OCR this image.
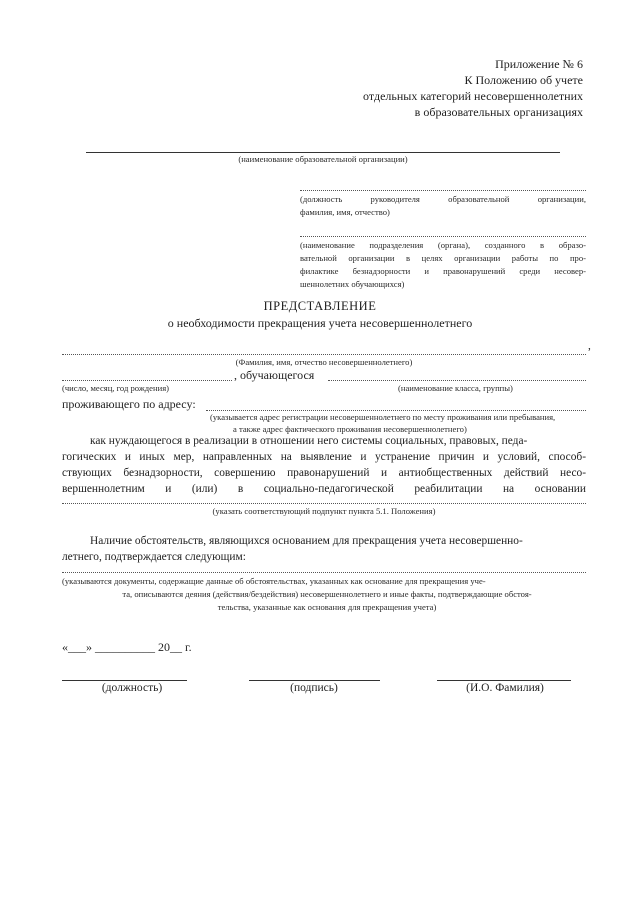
Приложение № 6
К Положению об учете
отдельных категорий несовершеннолетних
в образовательных организациях
(наименование образовательной организации)
(должность руководителя образовательной организации,
фамилия, имя, отчество)
(наименование подразделения (органа), созданного в образо-
вательной организации в целях организации работы по про-
филактике безнадзорности и правонарушений среди несовер-
шеннолетних обучающихся)
ПРЕДСТАВЛЕНИЕ
о необходимости прекращения учета несовершеннолетнего
,
(Фамилия, имя, отчество несовершеннолетнего)
, обучающегося
(число, месяц, год рождения)	(наименование класса, группы)
проживающего по адресу:
(указывается адрес регистрации несовершеннолетнего по месту проживания или пребывания,
а также адрес фактического проживания несовершеннолетнего)
как нуждающегося в реализации в отношении него системы социальных, правовых, педа-
гогических и иных мер, направленных на выявление и устранение причин и условий, способ-
ствующих безнадзорности, совершению правонарушений и антиобщественных действий несо-
вершеннолетним и (или) в социально-педагогической реабилитации на основании
(указать соответствующий подпункт пункта 5.1. Положения)
Наличие обстоятельств, являющихся основанием для прекращения учета несовершенно-
летнего, подтверждается следующим:
(указываются документы, содержащие данные об обстоятельствах, указанных как основание для прекращения уче-
та, описываются деяния (действия/бездействия) несовершеннолетнего и иные факты, подтверждающие обстоя-
тельства, указанные как основания для прекращения учета)
«___» __________ 20__ г.
(должность)	(подпись)	(И.О. Фамилия)
